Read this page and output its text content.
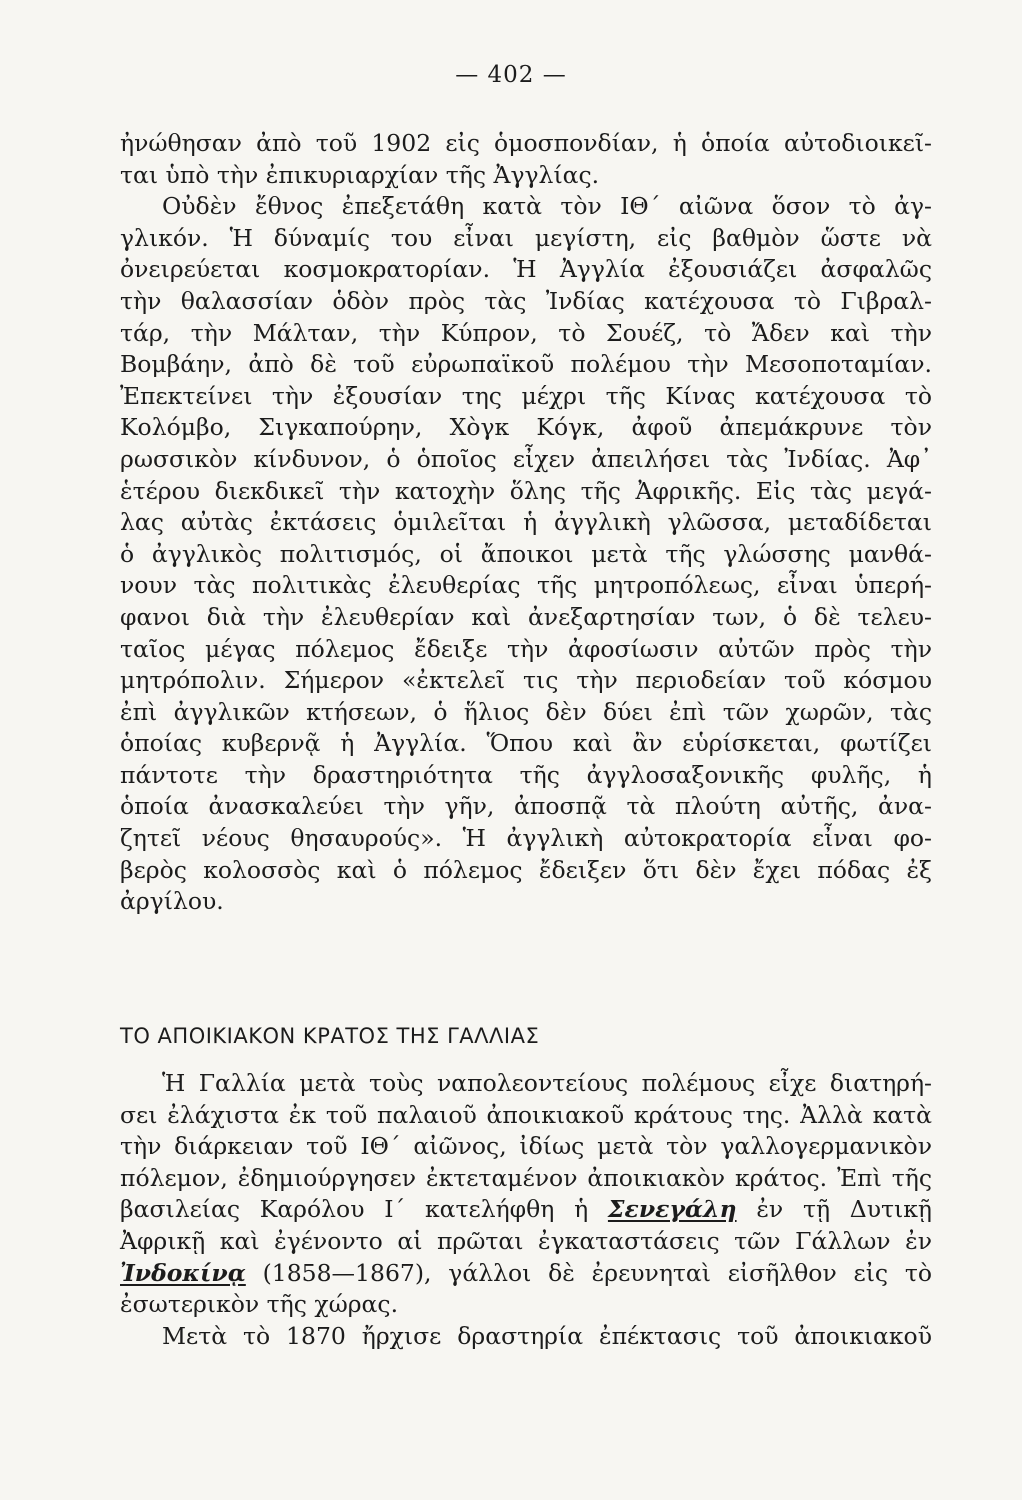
— 402 —
ἠνώθησαν ἀπὸ τοῦ 1902 εἰς ὁμοσπονδίαν, ἡ ὁποία αὐτοδιοικεῖ-
ται ὑπὸ τὴν ἐπικυριαρχίαν τῆς Ἀγγλίας.
Οὐδὲν ἔθνος ἐπεξετάθη κατὰ τὸν ΙΘ΄ αἰῶνα ὅσον τὸ ἀγ-
γλικόν. Ἡ δύναμίς του εἶναι μεγίστη, εἰς βαθμὸν ὥστε νὰ
ὀνειρεύεται κοσμοκρατορίαν. Ἡ Ἀγγλία ἐξουσιάζει ἀσφαλῶς
τὴν θαλασσίαν ὁδὸν πρὸς τὰς Ἰνδίας κατέχουσα τὸ Γιβραλ-
τάρ, τὴν Μάλταν, τὴν Κύπρον, τὸ Σουέζ, τὸ Ἄδεν καὶ τὴν
Βομβάην, ἀπὸ δὲ τοῦ εὐρωπαϊκοῦ πολέμου τὴν Μεσοποταμίαν.
Ἐπεκτείνει τὴν ἐξουσίαν της μέχρι τῆς Κίνας κατέχουσα τὸ
Κολόμβο, Σιγκαπούρην, Χὸγκ Κόγκ, ἀφοῦ ἀπεμάκρυνε τὸν
ρωσσικὸν κίνδυνον, ὁ ὁποῖος εἶχεν ἀπειλήσει τὰς Ἰνδίας. Ἀφ᾽
ἑτέρου διεκδικεῖ τὴν κατοχὴν ὅλης τῆς Ἀφρικῆς. Εἰς τὰς μεγά-
λας αὐτὰς ἐκτάσεις ὁμιλεῖται ἡ ἀγγλικὴ γλῶσσα, μεταδίδεται
ὁ ἀγγλικὸς πολιτισμός, οἱ ἄποικοι μετὰ τῆς γλώσσης μανθά-
νουν τὰς πολιτικὰς ἐλευθερίας τῆς μητροπόλεως, εἶναι ὑπερή-
φανοι διὰ τὴν ἐλευθερίαν καὶ ἀνεξαρτησίαν των, ὁ δὲ τελευ-
ταῖος μέγας πόλεμος ἔδειξε τὴν ἀφοσίωσιν αὐτῶν πρὸς τὴν
μητρόπολιν. Σήμερον «ἐκτελεῖ τις τὴν περιοδείαν τοῦ κόσμου
ἐπὶ ἀγγλικῶν κτήσεων, ὁ ἥλιος δὲν δύει ἐπὶ τῶν χωρῶν, τὰς
ὁποίας κυβερνᾷ ἡ Ἀγγλία. Ὅπου καὶ ἂν εὑρίσκεται, φωτίζει
πάντοτε τὴν δραστηριότητα τῆς ἀγγλοσαξονικῆς φυλῆς, ἡ
ὁποία ἀνασκαλεύει τὴν γῆν, ἀποσπᾷ τὰ πλούτη αὐτῆς, ἀνα-
ζητεῖ νέους θησαυρούς». Ἡ ἀγγλικὴ αὐτοκρατορία εἶναι φο-
βερὸς κολοσσὸς καὶ ὁ πόλεμος ἔδειξεν ὅτι δὲν ἔχει πόδας ἐξ
ἀργίλου.
ΤΟ ΑΠΟΙΚΙΑΚΟΝ ΚΡΑΤΟΣ ΤΗΣ ΓΑΛΛΙΑΣ
Ἡ Γαλλία μετὰ τοὺς ναπολεοντείους πολέμους εἶχε διατηρή-
σει ἐλάχιστα ἐκ τοῦ παλαιοῦ ἀποικιακοῦ κράτους της. Ἀλλὰ κατὰ
τὴν διάρκειαν τοῦ ΙΘ΄ αἰῶνος, ἰδίως μετὰ τὸν γαλλογερμανικὸν
πόλεμον, ἐδημιούργησεν ἐκτεταμένον ἀποικιακὸν κράτος. Ἐπὶ τῆς
βασιλείας Καρόλου Ι΄ κατελήφθη ἡ Σενεγάλη ἐν τῇ Δυτικῇ
Ἀφρικῇ καὶ ἐγένοντο αἱ πρῶται ἐγκαταστάσεις τῶν Γάλλων ἐν
Ἰνδοκίνᾳ (1858—1867), γάλλοι δὲ ἐρευνηταὶ εἰσῆλθον εἰς τὸ
ἐσωτερικὸν τῆς χώρας.
Μετὰ τὸ 1870 ἤρχισε δραστηρία ἐπέκτασις τοῦ ἀποικιακοῦ
